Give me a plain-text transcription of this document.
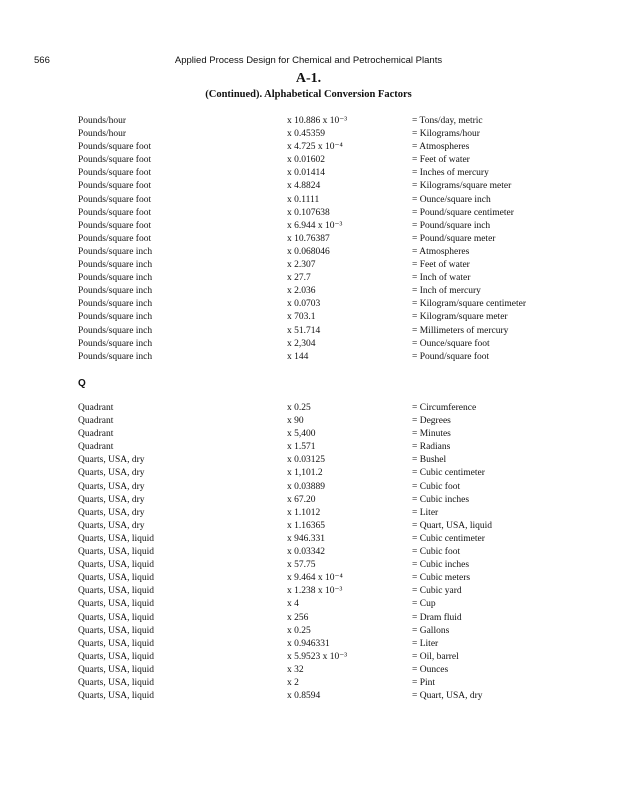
566	Applied Process Design for Chemical and Petrochemical Plants
A-1.
(Continued). Alphabetical Conversion Factors
Pounds/hour	x 10.886 x 10⁻³	= Tons/day, metric
Pounds/hour	x 0.45359	= Kilograms/hour
Pounds/square foot	x 4.725 x 10⁻⁴	= Atmospheres
Pounds/square foot	x 0.01602	= Feet of water
Pounds/square foot	x 0.01414	= Inches of mercury
Pounds/square foot	x 4.8824	= Kilograms/square meter
Pounds/square foot	x 0.1111	= Ounce/square inch
Pounds/square foot	x 0.107638	= Pound/square centimeter
Pounds/square foot	x 6.944 x 10⁻³	= Pound/square inch
Pounds/square foot	x 10.76387	= Pound/square meter
Pounds/square inch	x 0.068046	= Atmospheres
Pounds/square inch	x 2.307	= Feet of water
Pounds/square inch	x 27.7	= Inch of water
Pounds/square inch	x 2.036	= Inch of mercury
Pounds/square inch	x 0.0703	= Kilogram/square centimeter
Pounds/square inch	x 703.1	= Kilogram/square meter
Pounds/square inch	x 51.714	= Millimeters of mercury
Pounds/square inch	x 2,304	= Ounce/square foot
Pounds/square inch	x 144	= Pound/square foot
Q
Quadrant	x 0.25	= Circumference
Quadrant	x 90	= Degrees
Quadrant	x 5,400	= Minutes
Quadrant	x 1.571	= Radians
Quarts, USA, dry	x 0.03125	= Bushel
Quarts, USA, dry	x 1,101.2	= Cubic centimeter
Quarts, USA, dry	x 0.03889	= Cubic foot
Quarts, USA, dry	x 67.20	= Cubic inches
Quarts, USA, dry	x 1.1012	= Liter
Quarts, USA, dry	x 1.16365	= Quart, USA, liquid
Quarts, USA, liquid	x 946.331	= Cubic centimeter
Quarts, USA, liquid	x 0.03342	= Cubic foot
Quarts, USA, liquid	x 57.75	= Cubic inches
Quarts, USA, liquid	x 9.464 x 10⁻⁴	= Cubic meters
Quarts, USA, liquid	x 1.238 x 10⁻³	= Cubic yard
Quarts, USA, liquid	x 4	= Cup
Quarts, USA, liquid	x 256	= Dram fluid
Quarts, USA, liquid	x 0.25	= Gallons
Quarts, USA, liquid	x 0.946331	= Liter
Quarts, USA, liquid	x 5.9523 x 10⁻³	= Oil, barrel
Quarts, USA, liquid	x 32	= Ounces
Quarts, USA, liquid	x 2	= Pint
Quarts, USA, liquid	x 0.8594	= Quart, USA, dry
